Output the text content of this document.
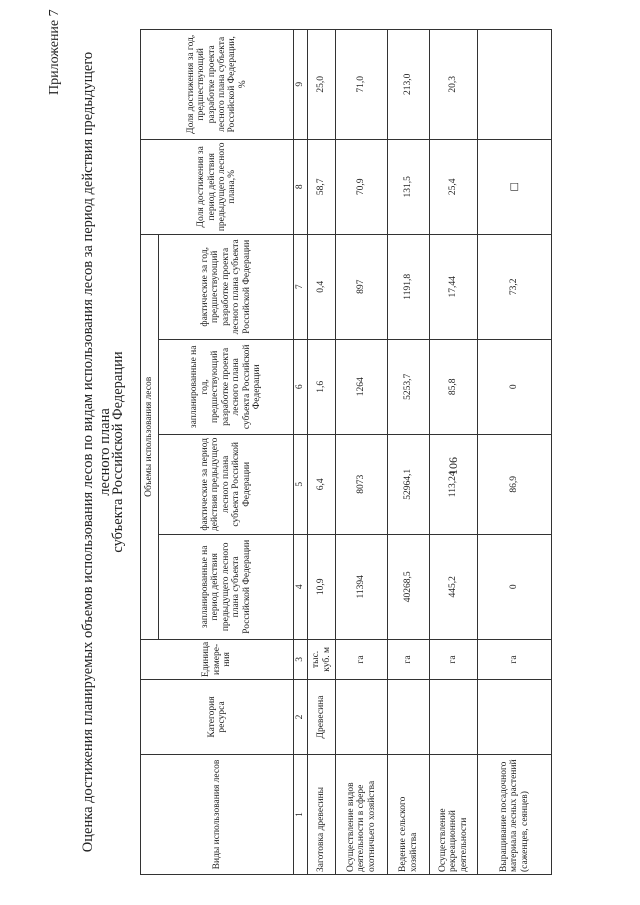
Приложение 7 Оценка достижения планируемых объемов использования лесов по видам использования лесов за период действия предыдущего лесного плана
субъекта Российской Федерации
Виды использования лесов	Категория ресурса	Единица измере-ния	Объемы использования лесов				Доля достижения за период действия предыдущего лесного плана,%	Доля достижения за год, предшествующий разработке проекта лесного плана субъекта Российской Федерации, %
			запланированные на период действия предыдущего лесного плана субъекта Российской Федерации	фактические за период действия предыдущего лесного плана субъекта Российской Федерации	запланированные на год, предшествующий разработке проекта лесного плана субъекта Российской Федерации	фактические за год, предшествующий разработке проекта лесного плана субъекта Российской Федерации		
1	2	3	4	5	6	7	8	9
Заготовка древесины	Древесина	тыс. куб. м	10,9	6,4	1,6	0,4	58,7	25,0
Осуществление видов деятельности в сфере охотничьего хозяйства		га	11394	8073	1264	897	70,9	71,0
Ведение сельского хозяйства		га	40268,5	52964,1	5253,7	1191,8	131,5	213,0
Осуществление рекреационной деятельности		га	445,2	113,24	85,8	17,44	25,4	20,3
Выращивание посадочного материала лесных растений (саженцев, сеянцев)		га	0	86,9	0	73,2	□	
106
